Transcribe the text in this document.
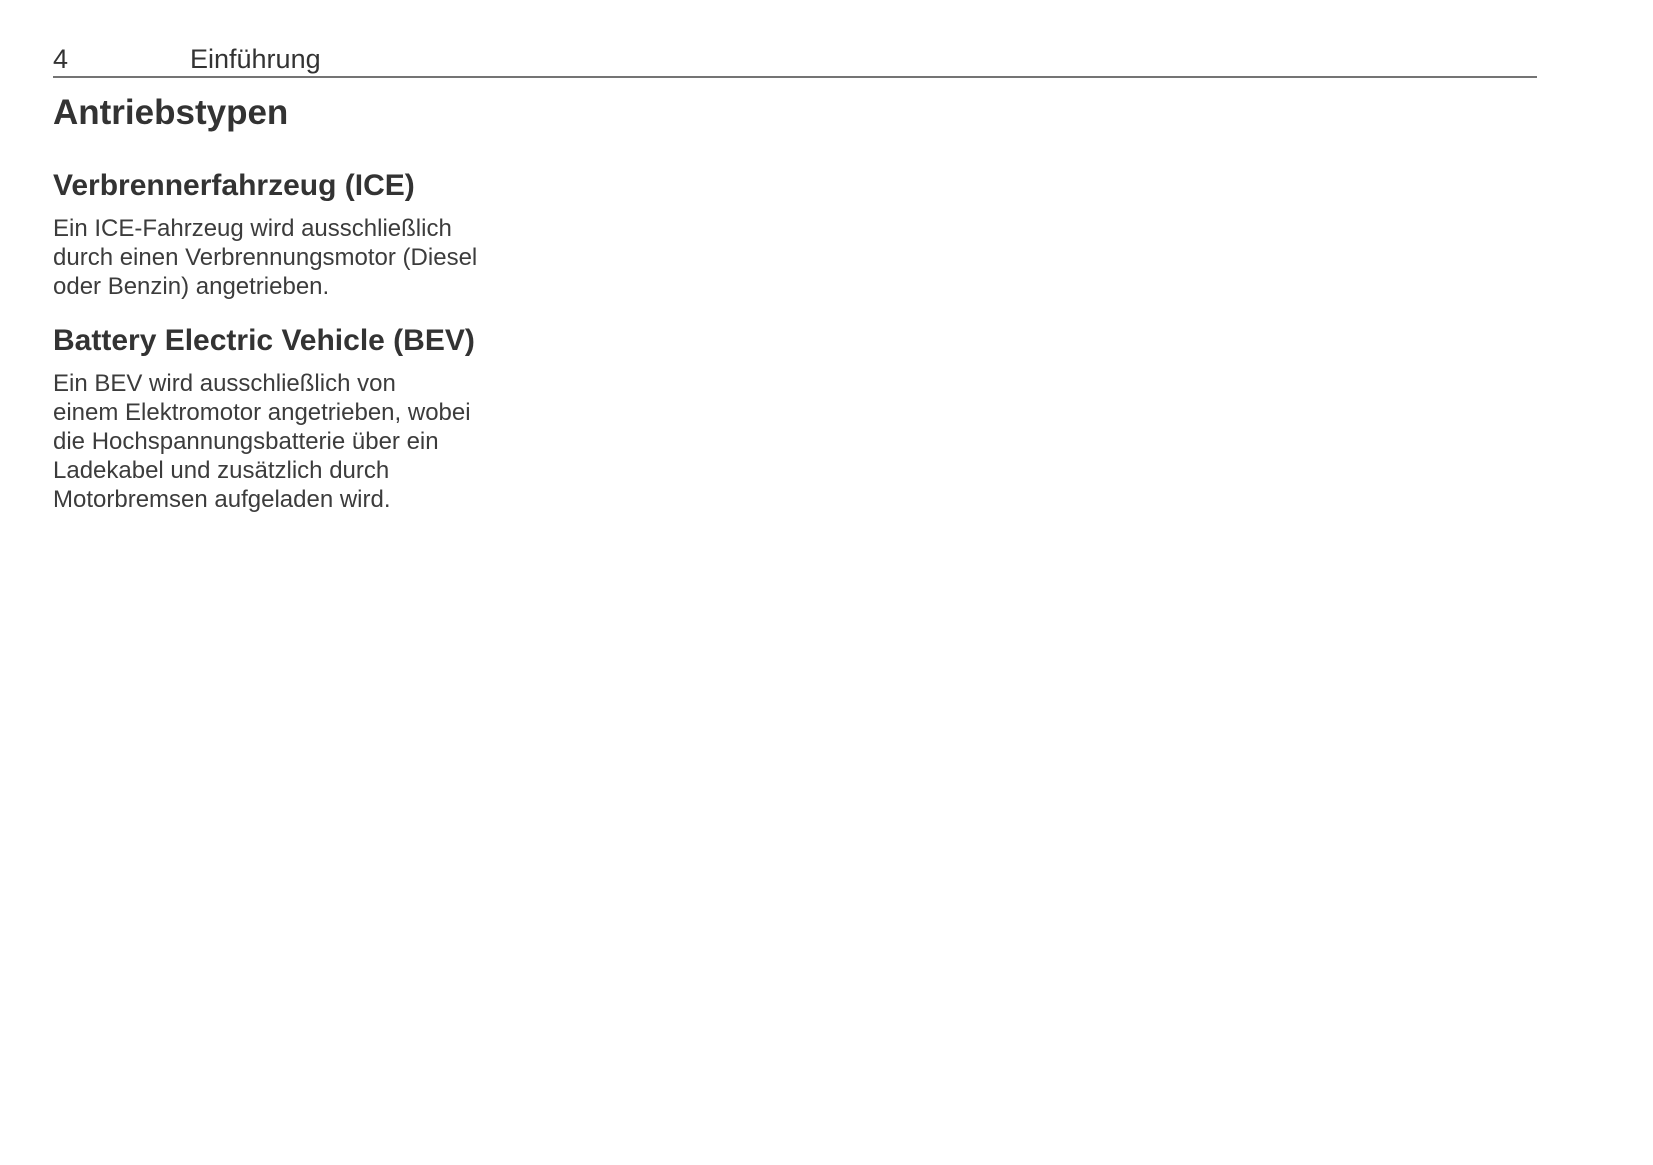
4	Einführung
Antriebstypen
Verbrennerfahrzeug (ICE)

Ein ICE-Fahrzeug wird ausschließlich
durch einen Verbrennungsmotor (Diesel
oder Benzin) angetrieben.

Battery Electric Vehicle (BEV)

Ein BEV wird ausschließlich von
einem Elektromotor angetrieben, wobei
die Hochspannungsbatterie über ein
Ladekabel und zusätzlich durch
Motorbremsen aufgeladen wird.
